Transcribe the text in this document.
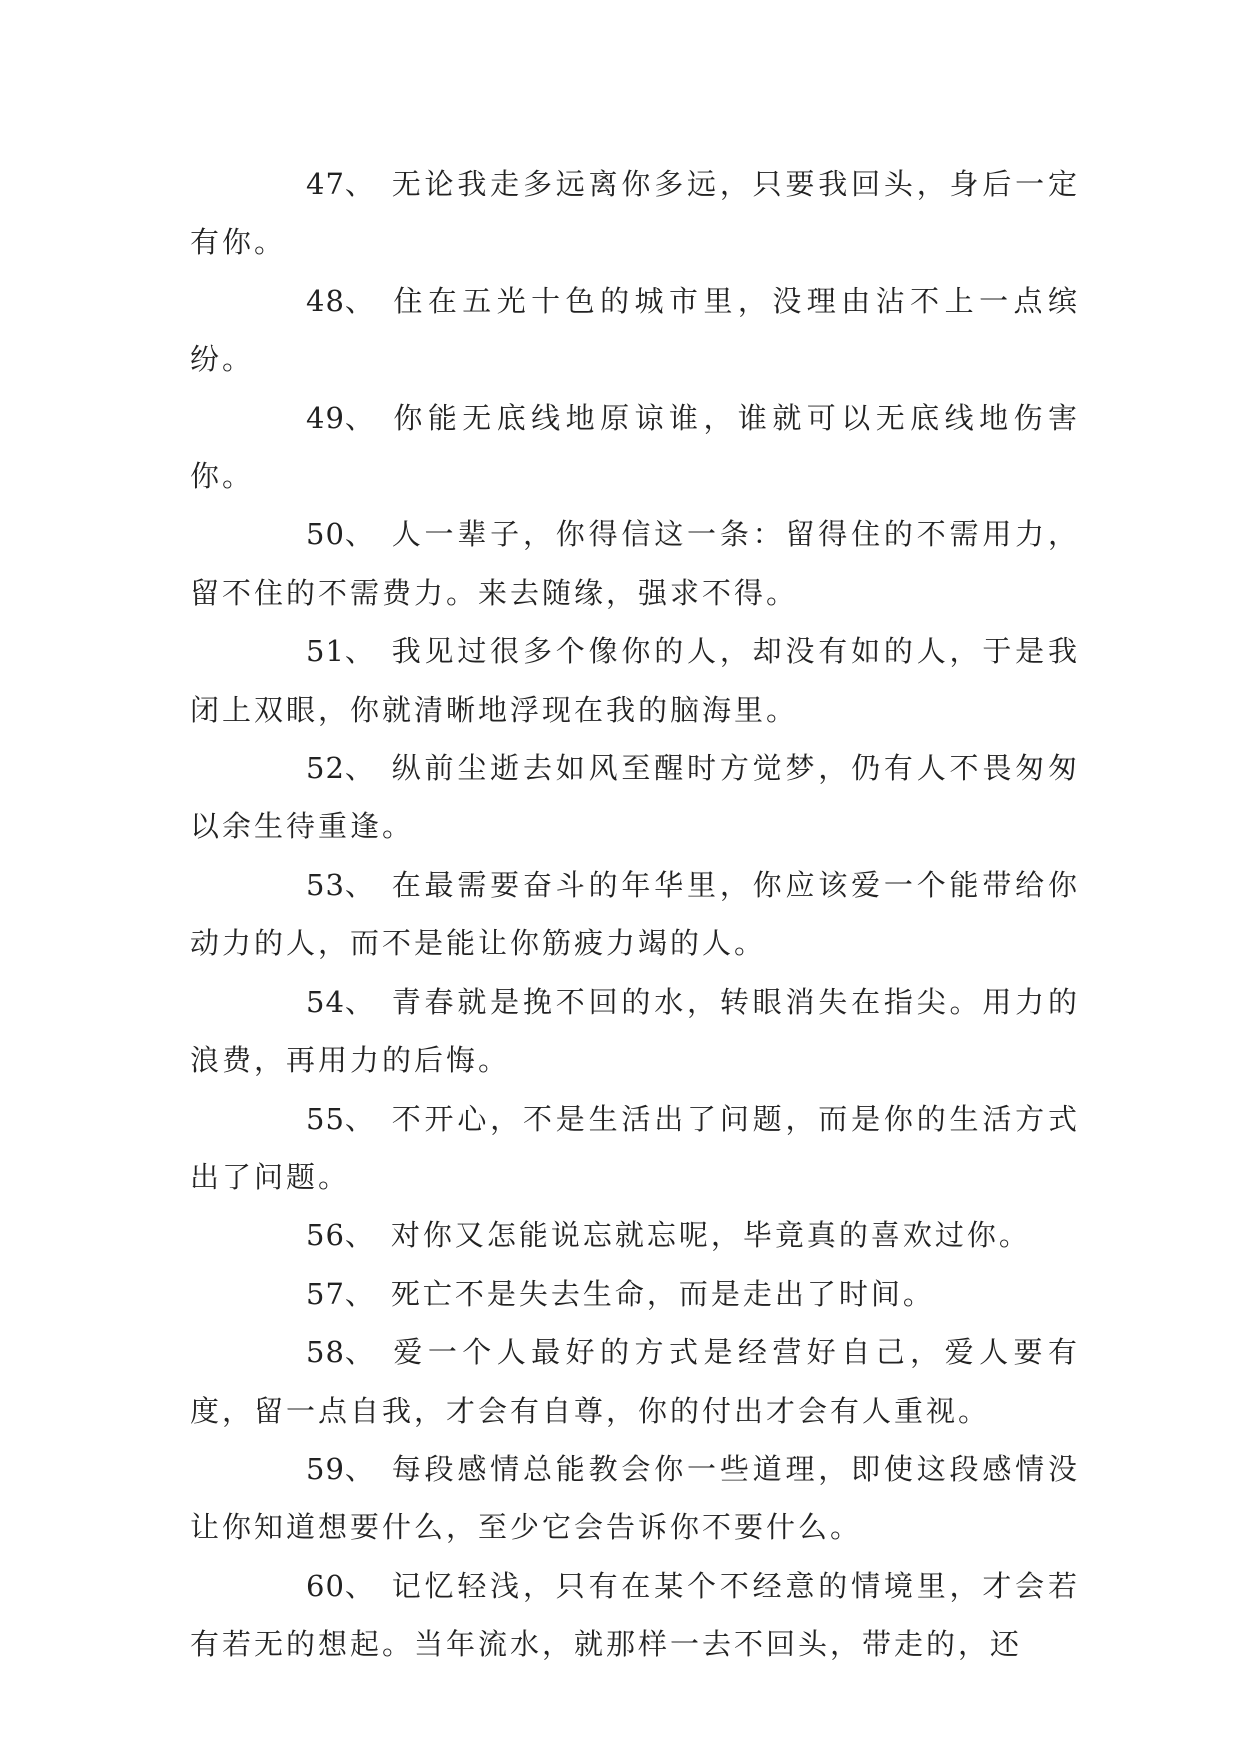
47、 无论我走多远离你多远，只要我回头，身后一定有你。

48、 住在五光十色的城市里，没理由沾不上一点缤纷。

49、 你能无底线地原谅谁，谁就可以无底线地伤害你。

50、 人一辈子，你得信这一条：留得住的不需用力，留不住的不需费力。来去随缘，强求不得。

51、 我见过很多个像你的人，却没有如的人，于是我闭上双眼，你就清晰地浮现在我的脑海里。

52、 纵前尘逝去如风至醒时方觉梦，仍有人不畏匆匆以余生待重逢。

53、 在最需要奋斗的年华里，你应该爱一个能带给你动力的人，而不是能让你筋疲力竭的人。

54、 青春就是挽不回的水，转眼消失在指尖。用力的浪费，再用力的后悔。

55、 不开心，不是生活出了问题，而是你的生活方式出了问题。

56、 对你又怎能说忘就忘呢，毕竟真的喜欢过你。

57、 死亡不是失去生命，而是走出了时间。

58、 爱一个人最好的方式是经营好自己，爱人要有度，留一点自我，才会有自尊，你的付出才会有人重视。

59、 每段感情总能教会你一些道理，即使这段感情没让你知道想要什么，至少它会告诉你不要什么。

60、 记忆轻浅，只有在某个不经意的情境里，才会若有若无的想起。当年流水，就那样一去不回头，带走的，还
